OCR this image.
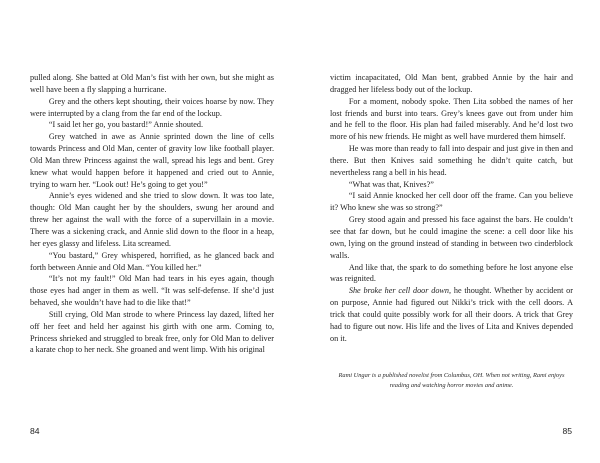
pulled along. She batted at Old Man’s fist with her own, but she might as well have been a fly slapping a hurricane.

Grey and the others kept shouting, their voices hoarse by now. They were interrupted by a clang from the far end of the lockup.

“I said let her go, you bastard!” Annie shouted.

Grey watched in awe as Annie sprinted down the line of cells towards Princess and Old Man, center of gravity low like football player. Old Man threw Princess against the wall, spread his legs and bent. Grey knew what would happen before it happened and cried out to Annie, trying to warn her. “Look out! He’s going to get you!”

Annie’s eyes widened and she tried to slow down. It was too late, though: Old Man caught her by the shoulders, swung her around and threw her against the wall with the force of a supervillain in a movie. There was a sickening crack, and Annie slid down to the floor in a heap, her eyes glassy and lifeless. Lita screamed.

“You bastard,” Grey whispered, horrified, as he glanced back and forth between Annie and Old Man. “You killed her.”

“It’s not my fault!” Old Man had tears in his eyes again, though those eyes had anger in them as well. “It was self-defense. If she’d just behaved, she wouldn’t have had to die like that!”

Still crying, Old Man strode to where Princess lay dazed, lifted her off her feet and held her against his girth with one arm. Coming to, Princess shrieked and struggled to break free, only for Old Man to deliver a karate chop to her neck. She groaned and went limp. With his original

84

victim incapacitated, Old Man bent, grabbed Annie by the hair and dragged her lifeless body out of the lockup.

For a moment, nobody spoke. Then Lita sobbed the names of her lost friends and burst into tears. Grey’s knees gave out from under him and he fell to the floor. His plan had failed miserably. And he’d lost two more of his new friends. He might as well have murdered them himself.

He was more than ready to fall into despair and just give in then and there. But then Knives said something he didn’t quite catch, but nevertheless rang a bell in his head.

“What was that, Knives?”

“I said Annie knocked her cell door off the frame. Can you believe it? Who knew she was so strong?”

Grey stood again and pressed his face against the bars. He couldn’t see that far down, but he could imagine the scene: a cell door like his own, lying on the ground instead of standing in between two cinderblock walls.

And like that, the spark to do something before he lost anyone else was reignited.

She broke her cell door down, he thought. Whether by accident or on purpose, Annie had figured out Nikki’s trick with the cell doors. A trick that could quite possibly work for all their doors. A trick that Grey had to figure out now. His life and the lives of Lita and Knives depended on it.

Rami Ungar is a published novelist from Columbus, OH. When not writing, Rami enjoys reading and watching horror movies and anime.

85
